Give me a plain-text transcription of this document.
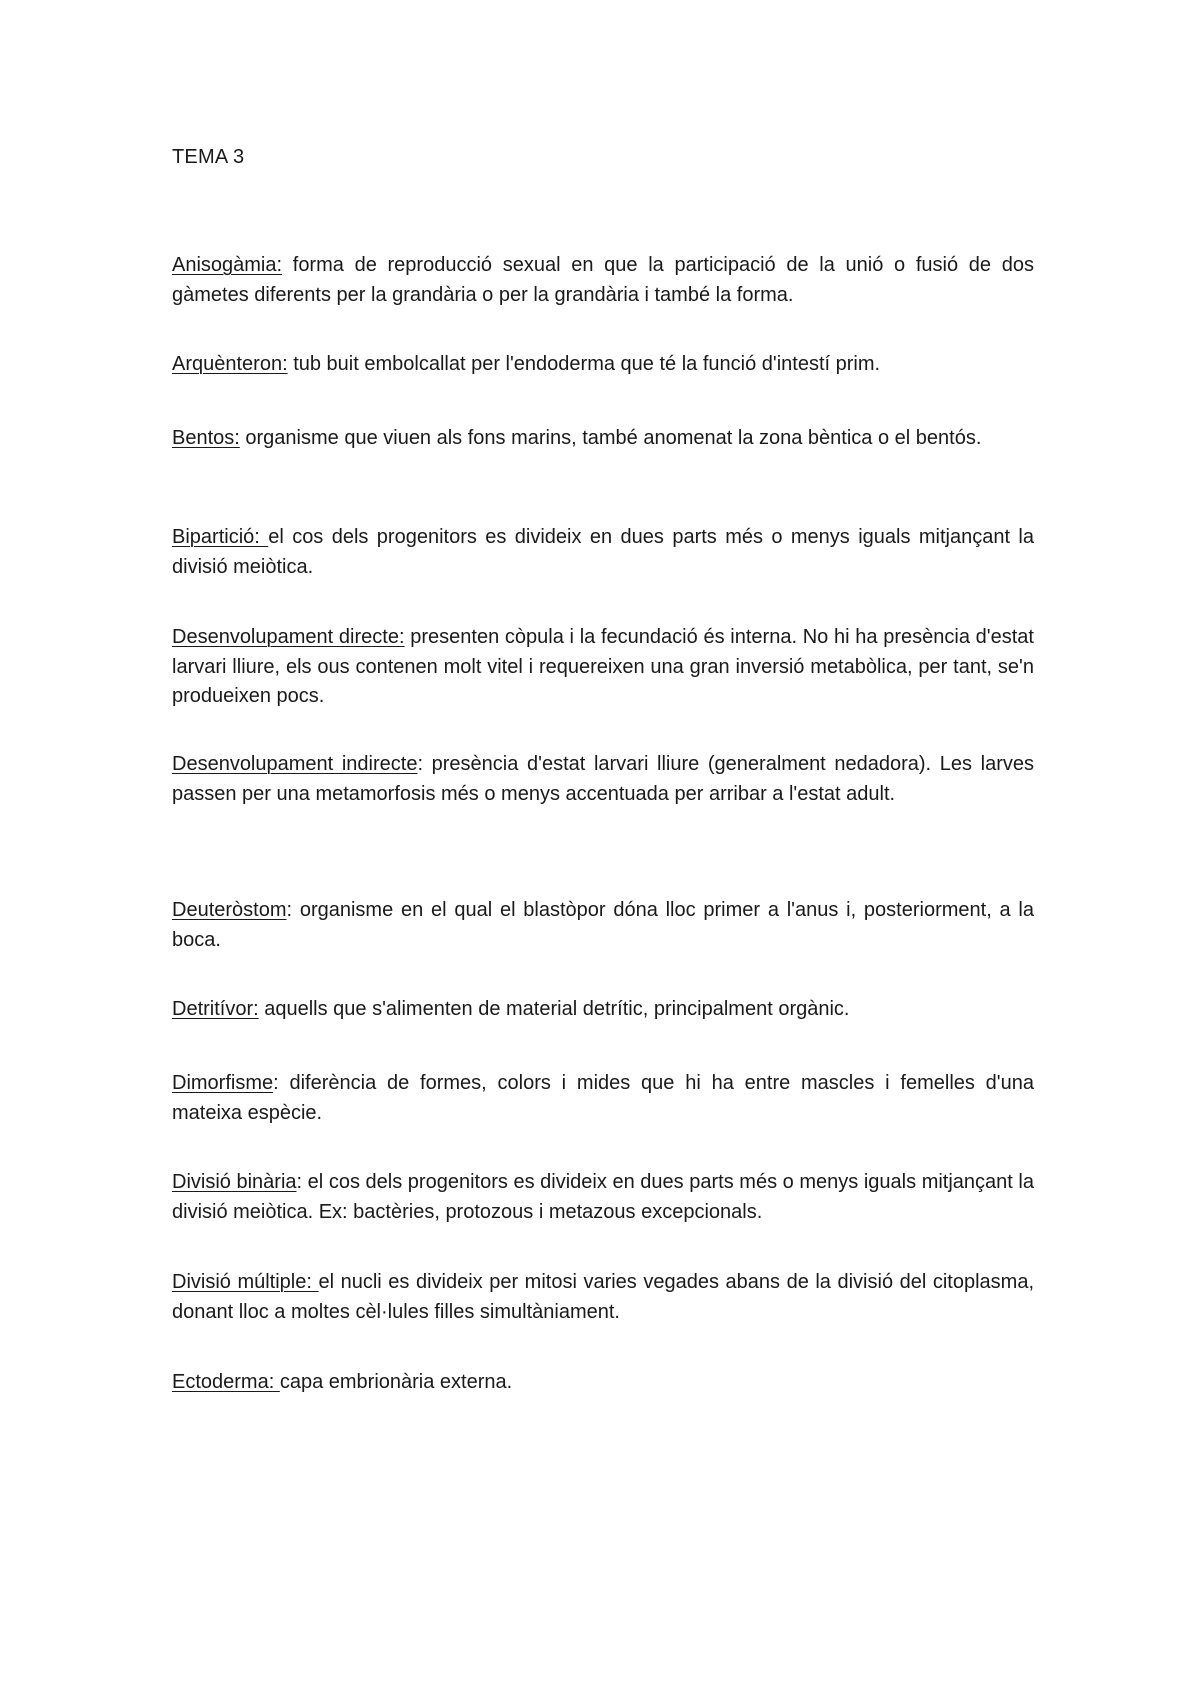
TEMA 3

Anisogàmia: forma de reproducció sexual en que la participació de la unió o fusió de dos gàmetes diferents per la grandària o per la grandària i també la forma.

Arquènteron: tub buit embolcallat per l'endoderma que té la funció d'intestí prim.

Bentos: organisme que viuen als fons marins, també anomenat la zona bèntica o el bentós.

Bipartició: el cos dels progenitors es divideix en dues parts més o menys iguals mitjançant la divisió meiòtica.

Desenvolupament directe: presenten còpula i la fecundació és interna. No hi ha presència d'estat larvari lliure, els ous contenen molt vitel i requereixen una gran inversió metabòlica, per tant, se'n produeixen pocs.

Desenvolupament indirecte: presència d'estat larvari lliure (generalment nedadora). Les larves passen per una metamorfosis més o menys accentuada per arribar a l'estat adult.

Deuteròstom: organisme en el qual el blastòpor dóna lloc primer a l'anus i, posteriorment, a la boca.

Detritívor: aquells que s'alimenten de material detrític, principalment orgànic.

Dimorfisme: diferència de formes, colors i mides que hi ha entre mascles i femelles d'una mateixa espècie.

Divisió binària: el cos dels progenitors es divideix en dues parts més o menys iguals mitjançant la divisió meiòtica. Ex: bactèries, protozous i metazous excepcionals.

Divisió múltiple: el nucli es divideix per mitosi varies vegades abans de la divisió del citoplasma, donant lloc a moltes cèl·lules filles simultàniament.

Ectoderma: capa embrionària externa.
